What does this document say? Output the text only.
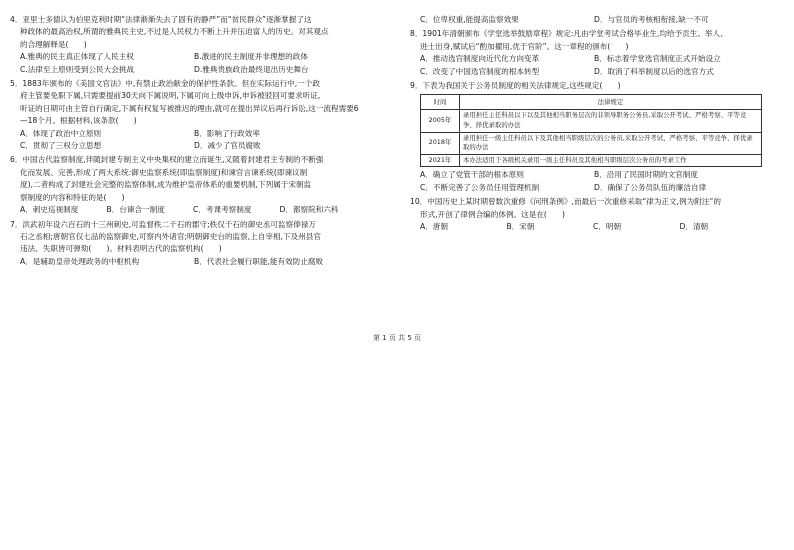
4．亚里士多德认为伯里克利时期“法律渐渐失去了固有的静严”而“贫民群众”逐渐掌握了这
种政体的最高治权,所谓的雅典民主史,不过是人民权力不断上升并压迫富人的历史。对其观点
的合理解释是(　　)
A.雅典的民主真正体现了人民主权	B.激进的民主制度并非理想的政体
C.法律至上原则受到公民大会挑战	D.雅典贵族政治最终退出历史舞台
5．1883年颁布的《美国文官法》中,有禁止政治献金的保护性条款。但在实际运行中,一个政
府主管要免职下属,只需要提前30天向下属说明,下属可向上级申诉,申诉被驳回可要求听证,
听证的日期可由主管自行确定,下属有权复写被推迟的理由,就可在提出异议后再行诉讼,这一流程需要6—18个月。根据材料,该条款(　　)
A．体现了政治中立原则	B．影响了行政效率
C．贯彻了三权分立思想	D．减少了官员腐败
6．中国古代监察制度,伴随封建专制主义中央集权的建立而诞生,又随着封建君主专制的不断强
化而发展、完善,形成了两大系统:御史监察系统(即监察制度)和谏官言谏系统(即谏议制
度),二者构成了封建社会完整的监察体制,成为维护皇帝体系的重要机制,下列属于宋朝监
察制度的内容和特征的是(　　)
A．刺史巡视制度	B．台谏合一制度	C．考课考察制度	D．都察院和六科
7．洪武初年设六百石的十三州刺史,可监督秩二千石的郡守;秩仅千石的御史丞可监察俸禄万
石之丞相;唐朝官仅七品的监察御史,可察内外诸官;明朝御史台的监察,上自宰相,下及州县官
违法、失职皆可弹劾(　　)。材料表明古代的监察机构(　　)
A．是辅助皇帝处理政务的中枢机构	B．代表社会履行职能,能有效防止腐败
C．位卑权重,能提高监察效果	D．与官员的考核相衔接,缺一不可
8．1901年清朝颁布《学堂选举鼓励章程》规定:凡由学堂考试合格毕业生,均给予贡生、举人、
进士出身,赋试后“酌加擢用,优于官阶”。这一章程的颁布(　　)
A．推动选官制度向近代化方向变革	B．标志着学堂选官制度正式开始设立
C．改变了中国选官制度的根本转型	D．取消了科举制度以后的选官方式
9．下表为我国关于公务员制度的相关法律规定,这些规定(　　)
时间	法律规定
2005年	录用担任主任科员以下以及其他相当职务层次的非领导职务公务员,采取公开考试、严格考察、平等竞争、择优录取的办法
2018年	录用担任一级主任科员以下及其他相当职级层次的公务员,采取公开考试、严格考察、平等竞争、择优录取的办法
2021年	本办法适用于各级机关录用一级主任科员及其他相当职级层次公务员的考录工作
A．确立了党管干部的根本原则	B．沿用了民国时期的文官制度
C．不断完善了公务员任用管理机制	D．确保了公务员队伍的廉洁自律
10．中国历史上某时期曾数次重修《问刑条例》,而最后一次重修采取“律为正文,例为附注”的
形式,开创了律例合编的体例。这是在(　　)
A．唐朝	B．宋朝	C．明朝	D．清朝
第 1 页 共 5 页
